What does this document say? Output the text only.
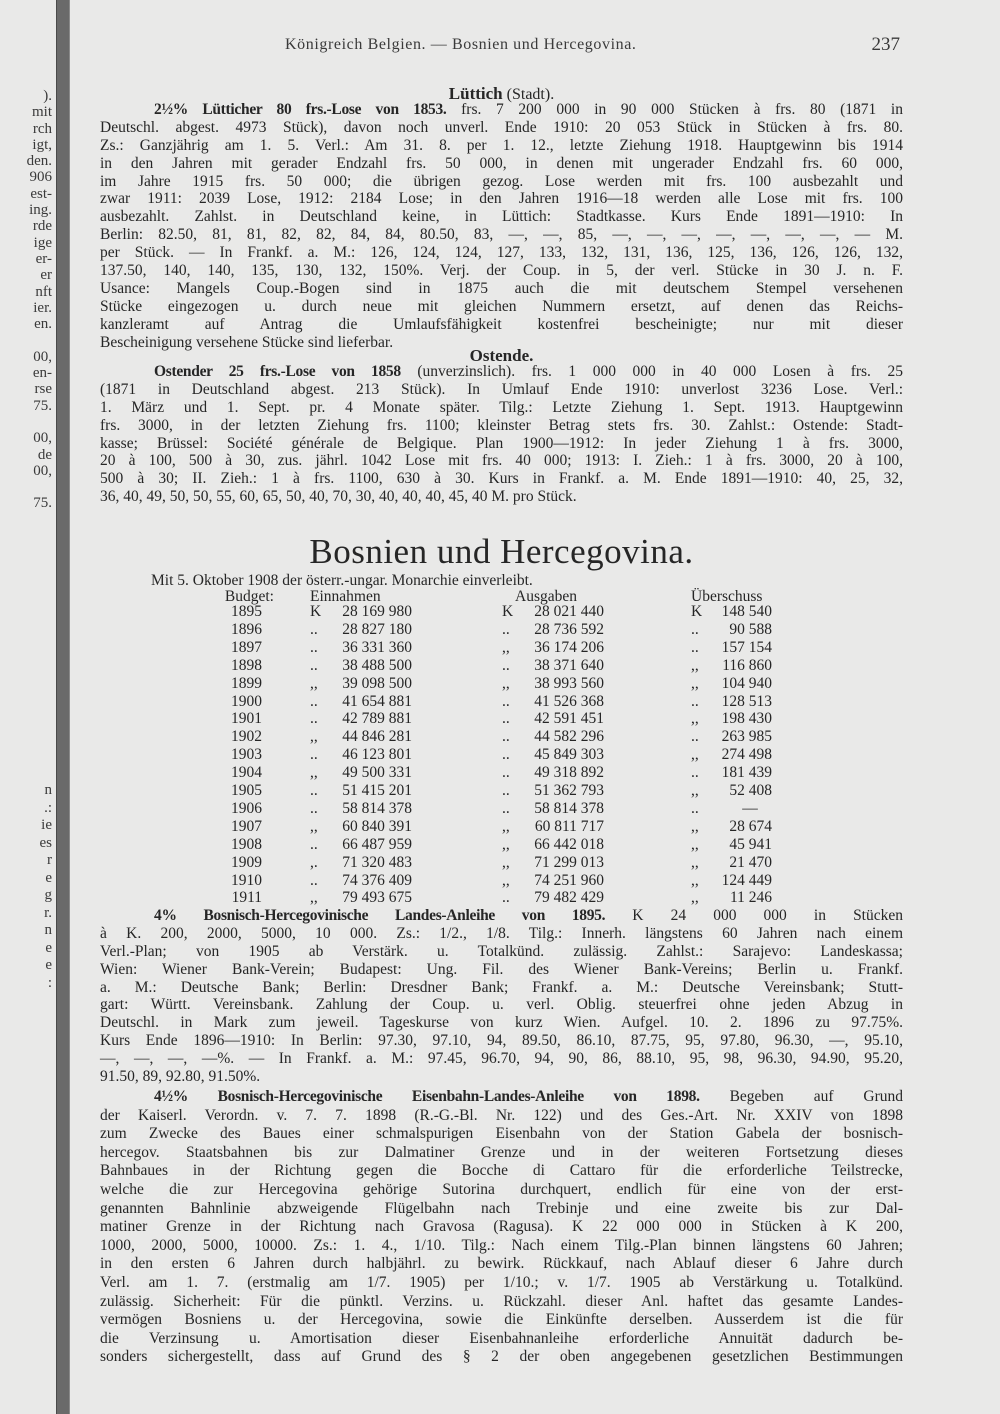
).
mit
rch
igt,
den.
906
est-
ing.
rde
ige
er-
er
nft
ier.
en.
00,
en-
rse
75.
00,
de
00,
75.
n
.:
ie
es
r
e
g
r.
n
e
e
:
Königreich Belgien. — Bosnien und Hercegovina.	237
Lüttich (Stadt).
2½% Lütticher 80 frs.-Lose von 1853. frs. 7 200 000 in 90 000 Stücken à frs. 80 (1871 in
Deutschl. abgest. 4973 Stück), davon noch unverl. Ende 1910: 20 053 Stück in Stücken à frs. 80.
Zs.: Ganzjährig am 1. 5. Verl.: Am 31. 8. per 1. 12., letzte Ziehung 1918. Hauptgewinn bis 1914
in den Jahren mit gerader Endzahl frs. 50 000, in denen mit ungerader Endzahl frs. 60 000,
im Jahre 1915 frs. 50 000; die übrigen gezog. Lose werden mit frs. 100 ausbezahlt und
zwar 1911: 2039 Lose, 1912: 2184 Lose; in den Jahren 1916—18 werden alle Lose mit frs. 100
ausbezahlt. Zahlst. in Deutschland keine, in Lüttich: Stadtkasse. Kurs Ende 1891—1910: In
Berlin: 82.50, 81, 81, 82, 82, 84, 84, 80.50, 83, —, —, 85, —, —, —, —, —, —, —, — M.
per Stück. — In Frankf. a. M.: 126, 124, 124, 127, 133, 132, 131, 136, 125, 136, 126, 126, 132,
137.50, 140, 140, 135, 130, 132, 150%. Verj. der Coup. in 5, der verl. Stücke in 30 J. n. F.
Usance: Mangels Coup.-Bogen sind in 1875 auch die mit deutschem Stempel versehenen
Stücke eingezogen u. durch neue mit gleichen Nummern ersetzt, auf denen das Reichs-
kanzleramt auf Antrag die Umlaufsfähigkeit kostenfrei bescheinigte; nur mit dieser
Bescheinigung versehene Stücke sind lieferbar.
Ostende.
Ostender 25 frs.-Lose von 1858 (unverzinslich). frs. 1 000 000 in 40 000 Losen à frs. 25
(1871 in Deutschland abgest. 213 Stück). In Umlauf Ende 1910: unverlost 3236 Lose. Verl.:
1. März und 1. Sept. pr. 4 Monate später. Tilg.: Letzte Ziehung 1. Sept. 1913. Hauptgewinn
frs. 3000, in der letzten Ziehung frs. 1100; kleinster Betrag stets frs. 30. Zahlst.: Ostende: Stadt-
kasse; Brüssel: Société générale de Belgique. Plan 1900—1912: In jeder Ziehung 1 à frs. 3000,
20 à 100, 500 à 30, zus. jährl. 1042 Lose mit frs. 40 000; 1913: I. Zieh.: 1 à frs. 3000, 20 à 100,
500 à 30; II. Zieh.: 1 à frs. 1100, 630 à 30. Kurs in Frankf. a. M. Ende 1891—1910: 40, 25, 32,
36, 40, 49, 50, 50, 55, 60, 65, 50, 40, 70, 30, 40, 40, 40, 45, 40 M. pro Stück.
Bosnien und Hercegovina.
Mit 5. Oktober 1908 der österr.-ungar. Monarchie einverleibt.
Budget: Einnahmen	Ausgaben	Überschuss
1895	K	28 169 980	K	28 021 440	K	148 540
1896	..	28 827 180	..	28 736 592	..	90 588
1897	..	36 331 360	,,	36 174 206	..	157 154
1898	..	38 488 500	..	38 371 640	,,	116 860
1899	,,	39 098 500	,,	38 993 560	,,	104 940
1900	..	41 654 881	..	41 526 368	..	128 513
1901	..	42 789 881	..	42 591 451	,,	198 430
1902	,,	44 846 281	..	44 582 296	..	263 985
1903	..	46 123 801	..	45 849 303	,,	274 498
1904	,,	49 500 331	..	49 318 892	..	181 439
1905	..	51 415 201	..	51 362 793	,,	52 408
1906	..	58 814 378	..	58 814 378	..	—
1907	,,	60 840 391	,,	60 811 717	,,	28 674
1908	..	66 487 959	,,	66 442 018	,,	45 941
1909	,.	71 320 483	,,	71 299 013	,,	21 470
1910	..	74 376 409	,,	74 251 960	,,	124 449
1911	,,	79 493 675	..	79 482 429	,,	11 246
4% Bosnisch-Hercegovinische Landes-Anleihe von 1895. K 24 000 000 in Stücken
à K. 200, 2000, 5000, 10 000. Zs.: 1/2., 1/8. Tilg.: Innerh. längstens 60 Jahren nach einem
Verl.-Plan; von 1905 ab Verstärk. u. Totalkünd. zulässig. Zahlst.: Sarajevo: Landeskassa;
Wien: Wiener Bank-Verein; Budapest: Ung. Fil. des Wiener Bank-Vereins; Berlin u. Frankf.
a. M.: Deutsche Bank; Berlin: Dresdner Bank; Frankf. a. M.: Deutsche Vereinsbank; Stutt-
gart: Württ. Vereinsbank. Zahlung der Coup. u. verl. Oblig. steuerfrei ohne jeden Abzug in
Deutschl. in Mark zum jeweil. Tageskurse von kurz Wien. Aufgel. 10. 2. 1896 zu 97.75%.
Kurs Ende 1896—1910: In Berlin: 97.30, 97.10, 94, 89.50, 86.10, 87.75, 95, 97.80, 96.30, —, 95.10,
—, —, —, —%. — In Frankf. a. M.: 97.45, 96.70, 94, 90, 86, 88.10, 95, 98, 96.30, 94.90, 95.20,
91.50, 89, 92.80, 91.50%.
4½% Bosnisch-Hercegovinische Eisenbahn-Landes-Anleihe von 1898. Begeben auf Grund
der Kaiserl. Verordn. v. 7. 7. 1898 (R.-G.-Bl. Nr. 122) und des Ges.-Art. Nr. XXIV von 1898
zum Zwecke des Baues einer schmalspurigen Eisenbahn von der Station Gabela der bosnisch-
hercegov. Staatsbahnen bis zur Dalmatiner Grenze und in der weiteren Fortsetzung dieses
Bahnbaues in der Richtung gegen die Bocche di Cattaro für die erforderliche Teilstrecke,
welche die zur Hercegovina gehörige Sutorina durchquert, endlich für eine von der erst-
genannten Bahnlinie abzweigende Flügelbahn nach Trebinje und eine zweite bis zur Dal-
matiner Grenze in der Richtung nach Gravosa (Ragusa). K 22 000 000 in Stücken à K 200,
1000, 2000, 5000, 10000. Zs.: 1. 4., 1/10. Tilg.: Nach einem Tilg.-Plan binnen längstens 60 Jahren;
in den ersten 6 Jahren durch halbjährl. zu bewirk. Rückkauf, nach Ablauf dieser 6 Jahre durch
Verl. am 1. 7. (erstmalig am 1/7. 1905) per 1/10.; v. 1/7. 1905 ab Verstärkung u. Totalkünd.
zulässig. Sicherheit: Für die pünktl. Verzins. u. Rückzahl. dieser Anl. haftet das gesamte Landes-
vermögen Bosniens u. der Hercegovina, sowie die Einkünfte derselben. Ausserdem ist die für
die Verzinsung u. Amortisation dieser Eisenbahnanleihe erforderliche Annuität dadurch be-
sonders sichergestellt, dass auf Grund des § 2 der oben angegebenen gesetzlichen Bestimmungen
